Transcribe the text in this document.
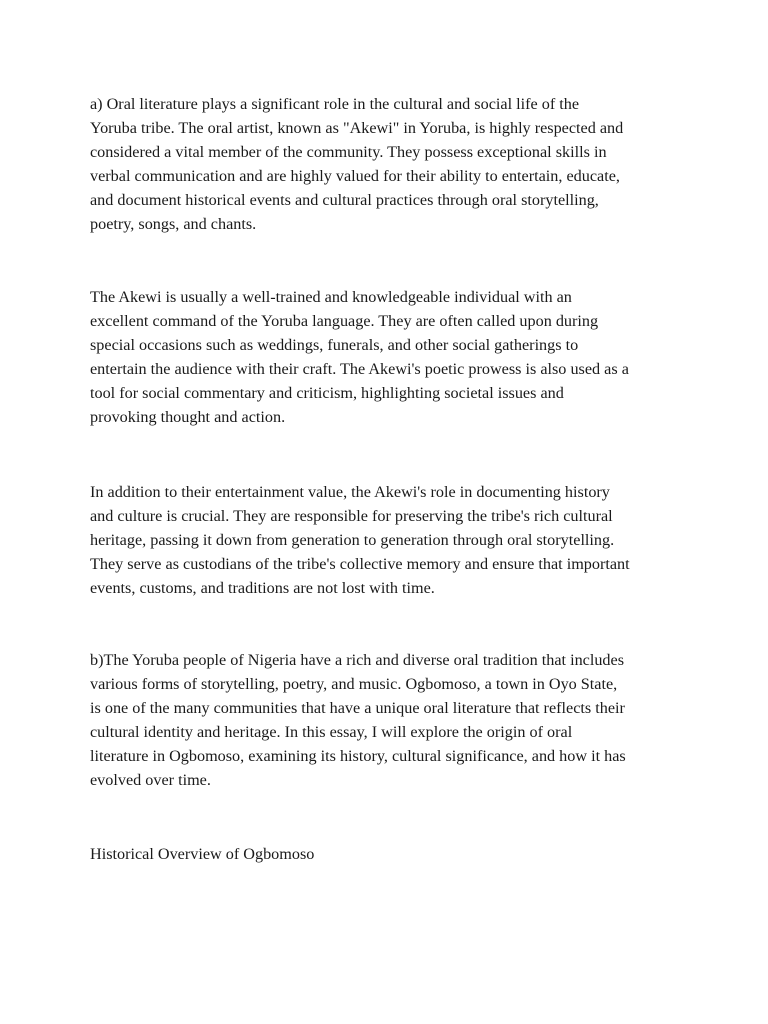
a) Oral literature plays a significant role in the cultural and social life of the
Yoruba tribe. The oral artist, known as "Akewi" in Yoruba, is highly respected and
considered a vital member of the community. They possess exceptional skills in
verbal communication and are highly valued for their ability to entertain, educate,
and document historical events and cultural practices through oral storytelling,
poetry, songs, and chants.
The Akewi is usually a well-trained and knowledgeable individual with an
excellent command of the Yoruba language. They are often called upon during
special occasions such as weddings, funerals, and other social gatherings to
entertain the audience with their craft. The Akewi's poetic prowess is also used as a
tool for social commentary and criticism, highlighting societal issues and
provoking thought and action.
In addition to their entertainment value, the Akewi's role in documenting history
and culture is crucial. They are responsible for preserving the tribe's rich cultural
heritage, passing it down from generation to generation through oral storytelling.
They serve as custodians of the tribe's collective memory and ensure that important
events, customs, and traditions are not lost with time.
b)The Yoruba people of Nigeria have a rich and diverse oral tradition that includes
various forms of storytelling, poetry, and music. Ogbomoso, a town in Oyo State,
is one of the many communities that have a unique oral literature that reflects their
cultural identity and heritage. In this essay, I will explore the origin of oral
literature in Ogbomoso, examining its history, cultural significance, and how it has
evolved over time.
Historical Overview of Ogbomoso
